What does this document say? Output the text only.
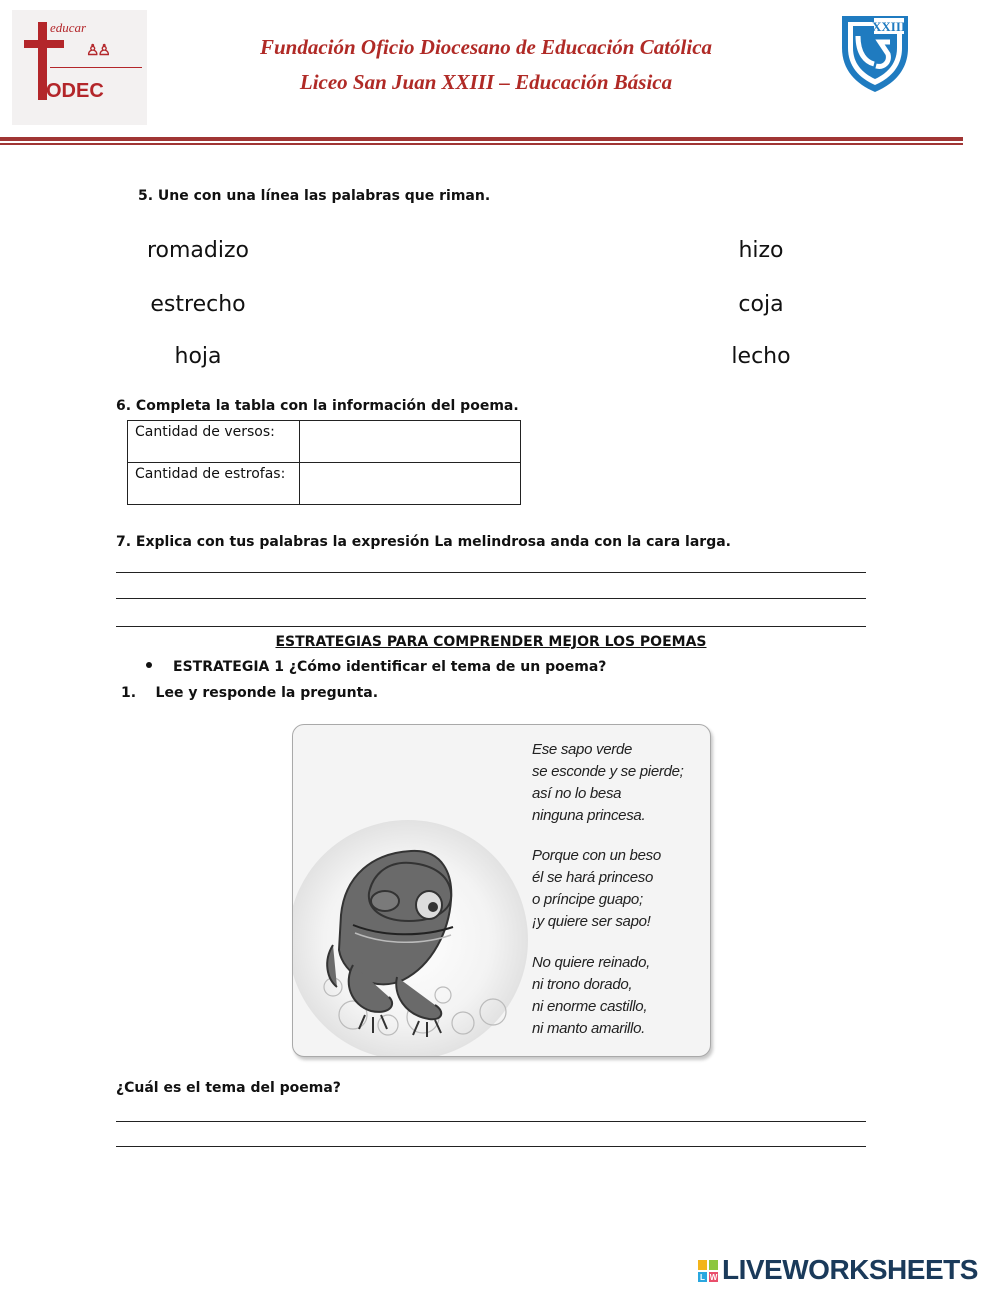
educar
♙♙
ODEC
Fundación Oficio Diocesano de Educación Católica
Liceo San Juan XXIII – Educación Básica
XXIII
5. Une con una línea las palabras que riman.
romadizo
estrecho
hoja
hizo
coja
lecho
6. Completa la tabla con la información del poema.
Cantidad de versos:	
Cantidad de estrofas:	
7. Explica con tus palabras la expresión La melindrosa anda con la cara larga.
ESTRATEGIAS PARA COMPRENDER MEJOR LOS POEMAS
ESTRATEGIA 1 ¿Cómo identificar el tema de un poema?
1.    Lee y responde la pregunta.
Ese sapo verde
se esconde y se pierde;
así no lo besa
ninguna princesa.
Porque con un beso
él se hará princeso
o príncipe guapo;
¡y quiere ser sapo!
No quiere reinado,
ni trono dorado,
ni enorme castillo,
ni manto amarillo.
¿Cuál es el tema del poema?
L W LIVEWORKSHEETS
